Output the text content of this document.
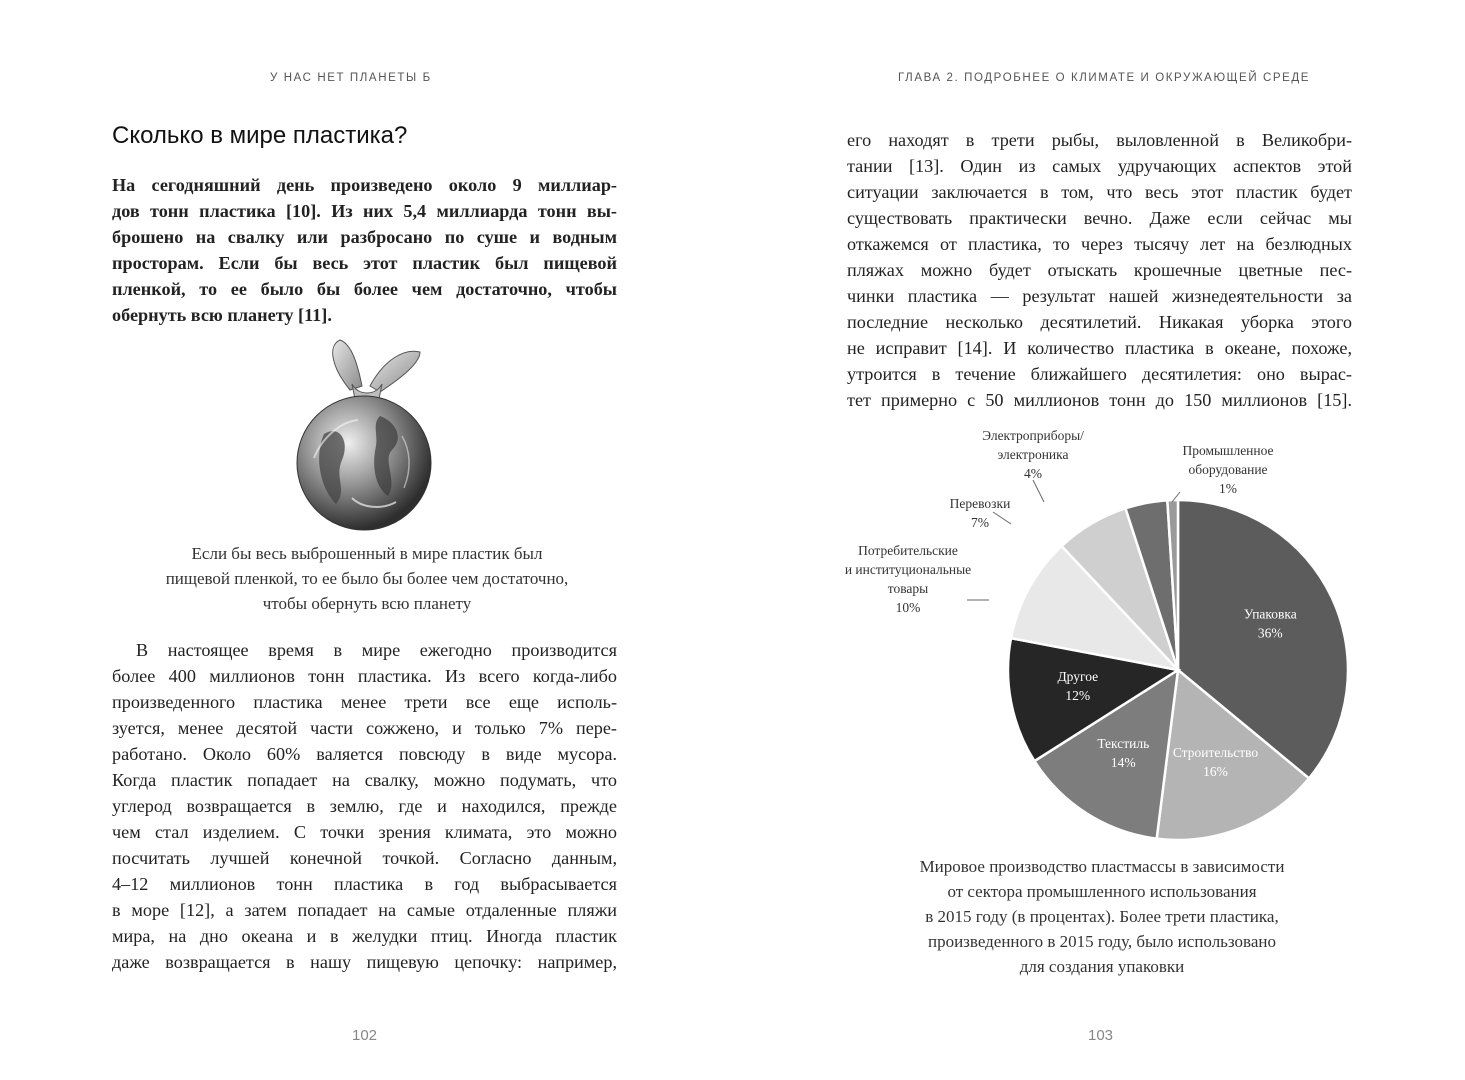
У НАС НЕТ ПЛАНЕТЫ Б
Сколько в мире пластика?

На сегодняшний день произведено около 9 миллиар-
дов тонн пластика [10]. Из них 5,4 миллиарда тонн вы-
брошено на свалку или разбросано по суше и водным
просторам. Если бы весь этот пластик был пищевой
пленкой, то ее было бы более чем достаточно, чтобы
обернуть всю планету [11].

Если бы весь выброшенный в мире пластик был
пищевой пленкой, то ее было бы более чем достаточно,
чтобы обернуть всю планету

В настоящее время в мире ежегодно производится
более 400 миллионов тонн пластика. Из всего когда-либо
произведенного пластика менее трети все еще исполь-
зуется, менее десятой части сожжено, и только 7% пере-
работано. Около 60% валяется повсюду в виде мусора.
Когда пластик попадает на свалку, можно подумать, что
углерод возвращается в землю, где и находился, прежде
чем стал изделием. С точки зрения климата, это можно
посчитать лучшей конечной точкой. Согласно данным,
4–12 миллионов тонн пластика в год выбрасывается
в море [12], а затем попадает на самые отдаленные пляжи
мира, на дно океана и в желудки птиц. Иногда пластик
даже возвращается в нашу пищевую цепочку: например,

102
ГЛАВА 2. ПОДРОБНЕЕ О КЛИМАТЕ И ОКРУЖАЮЩЕЙ СРЕДЕ

его находят в трети рыбы, выловленной в Великобри-
тании [13]. Один из самых удручающих аспектов этой
ситуации заключается в том, что весь этот пластик будет
существовать практически вечно. Даже если сейчас мы
откажемся от пластика, то через тысячу лет на безлюдных
пляжах можно будет отыскать крошечные цветные пес-
чинки пластика — результат нашей жизнедеятельности за
последние несколько десятилетий. Никакая уборка этого
не исправит [14]. И количество пластика в океане, похоже,
утроится в течение ближайшего десятилетия: оно вырас-
тет примерно с 50 миллионов тонн до 150 миллионов [15].

Упаковка
36%
Строительство
16%
Текстиль
14%
Другое
12%
Потребительские
и институциональные
товары
10%
Перевозки
7%
Электроприборы/
электроника
4%
Промышленное
оборудование
1%

Мировое производство пластмассы в зависимости
от сектора промышленного использования
в 2015 году (в процентах). Более трети пластика,
произведенного в 2015 году, было использовано
для создания упаковки

103
